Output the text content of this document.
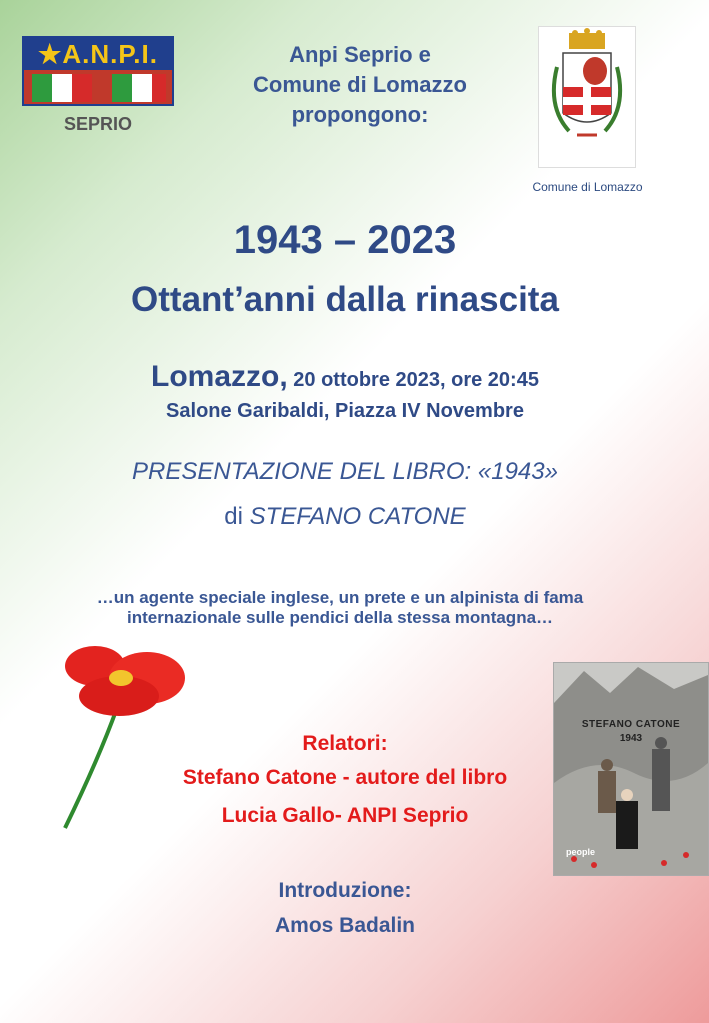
★A.N.P.I.
SEPRIO
Anpi Seprio e
Comune di Lomazzo
propongono:
Comune di Lomazzo
1943 – 2023
Ottant’anni dalla rinascita
Lomazzo, 20 ottobre 2023, ore 20:45
Salone Garibaldi, Piazza IV Novembre
PRESENTAZIONE DEL LIBRO: «1943»
di STEFANO CATONE
…un agente speciale inglese, un prete e un alpinista di fama
internazionale sulle pendici della stessa montagna…
Relatori:
Stefano Catone - autore del libro
Lucia Gallo- ANPI Seprio
STEFANO CATONE
1943
people
Introduzione:
Amos Badalin
